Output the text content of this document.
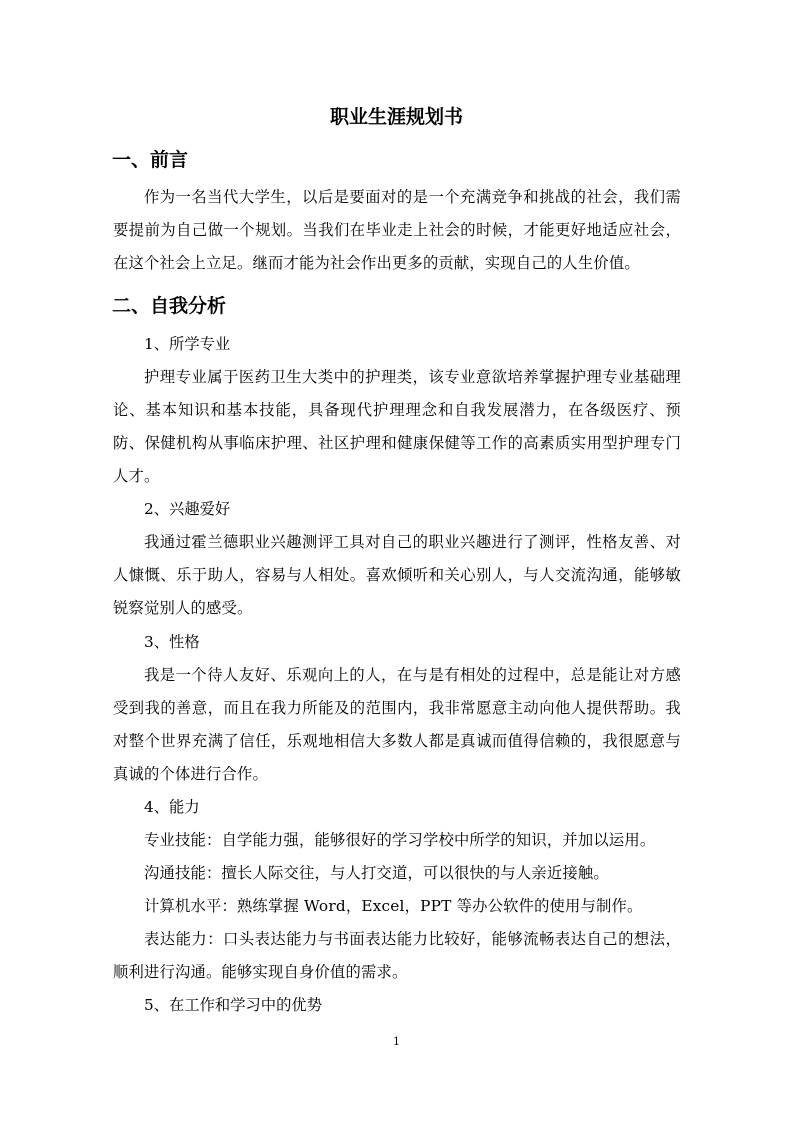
职业生涯规划书
一、前言
作为一名当代大学生，以后是要面对的是一个充满竞争和挑战的社会，我们需要提前为自己做一个规划。当我们在毕业走上社会的时候，才能更好地适应社会，在这个社会上立足。继而才能为社会作出更多的贡献，实现自己的人生价值。
二、自我分析
1、所学专业
护理专业属于医药卫生大类中的护理类，该专业意欲培养掌握护理专业基础理论、基本知识和基本技能，具备现代护理理念和自我发展潜力，在各级医疗、预防、保健机构从事临床护理、社区护理和健康保健等工作的高素质实用型护理专门人才。
2、兴趣爱好
我通过霍兰德职业兴趣测评工具对自己的职业兴趣进行了测评，性格友善、对人慷慨、乐于助人，容易与人相处。喜欢倾听和关心别人，与人交流沟通，能够敏锐察觉别人的感受。
3、性格
我是一个待人友好、乐观向上的人，在与是有相处的过程中，总是能让对方感受到我的善意，而且在我力所能及的范围内，我非常愿意主动向他人提供帮助。我对整个世界充满了信任，乐观地相信大多数人都是真诚而值得信赖的，我很愿意与真诚的个体进行合作。
4、能力
专业技能：自学能力强，能够很好的学习学校中所学的知识，并加以运用。
沟通技能：擅长人际交往，与人打交道，可以很快的与人亲近接触。
计算机水平：熟练掌握 Word，Excel，PPT 等办公软件的使用与制作。
表达能力：口头表达能力与书面表达能力比较好，能够流畅表达自己的想法，顺利进行沟通。能够实现自身价值的需求。
5、在工作和学习中的优势
1
